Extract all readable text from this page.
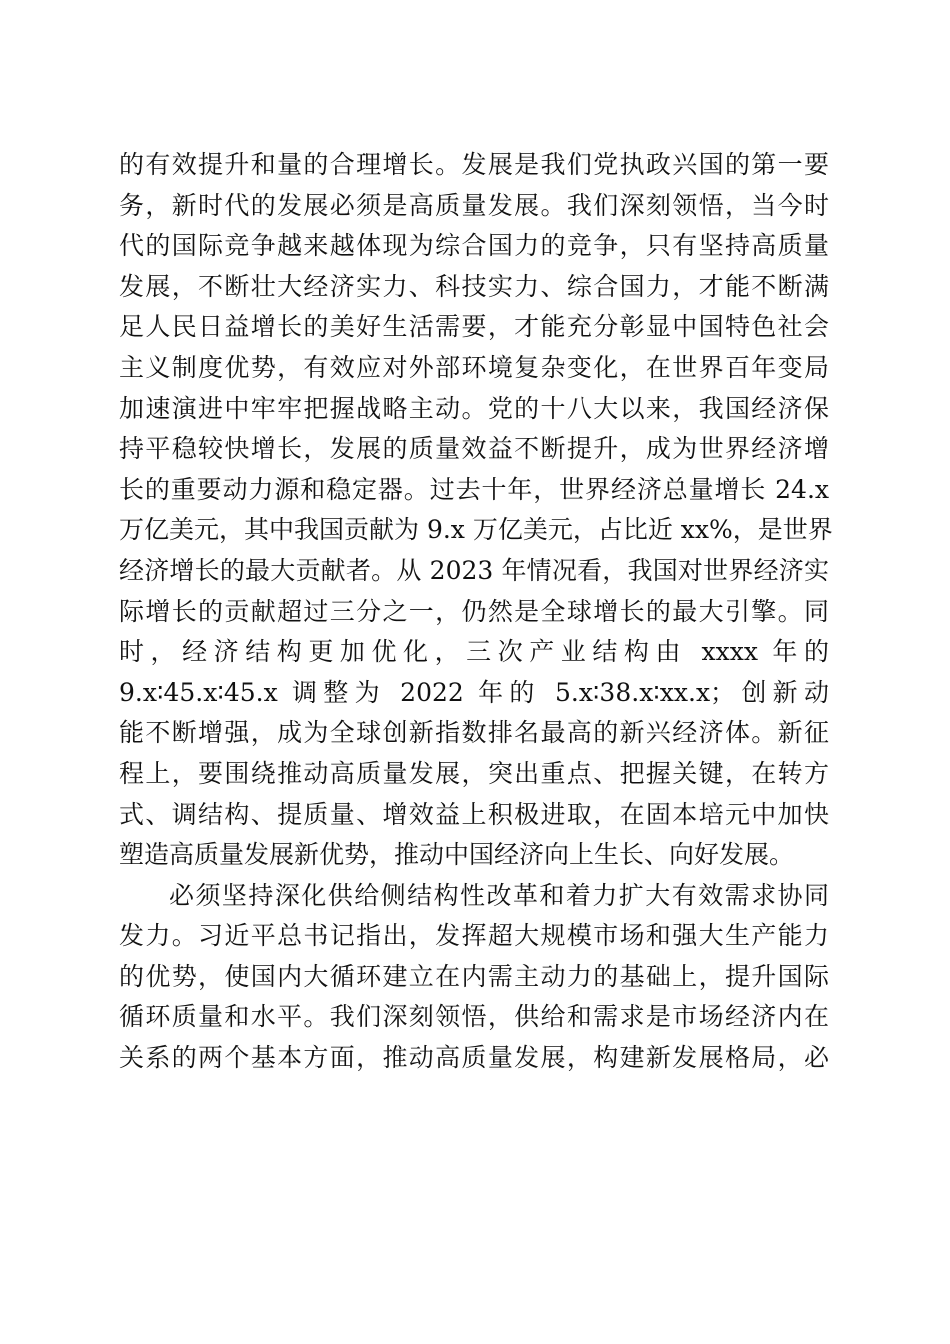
的有效提升和量的合理增长。发展是我们党执政兴国的第一要
务，新时代的发展必须是高质量发展。我们深刻领悟，当今时
代的国际竞争越来越体现为综合国力的竞争，只有坚持高质量
发展，不断壮大经济实力、科技实力、综合国力，才能不断满
足人民日益增长的美好生活需要，才能充分彰显中国特色社会
主义制度优势，有效应对外部环境复杂变化，在世界百年变局
加速演进中牢牢把握战略主动。党的十八大以来，我国经济保
持平稳较快增长，发展的质量效益不断提升，成为世界经济增
长的重要动力源和稳定器。过去十年，世界经济总量增长 24.x
万亿美元，其中我国贡献为 9.x 万亿美元，占比近 xx%，是世界
经济增长的最大贡献者。从 2023 年情况看，我国对世界经济实
际增长的贡献超过三分之一，仍然是全球增长的最大引擎。同
时，经济结构更加优化，三次产业结构由 xxxx 年的
9.x∶45.x∶45.x 调整为 2022 年的 5.x∶38.x∶xx.x；创新动
能不断增强，成为全球创新指数排名最高的新兴经济体。新征
程上，要围绕推动高质量发展，突出重点、把握关键，在转方
式、调结构、提质量、增效益上积极进取，在固本培元中加快
塑造高质量发展新优势，推动中国经济向上生长、向好发展。
必须坚持深化供给侧结构性改革和着力扩大有效需求协同
发力。习近平总书记指出，发挥超大规模市场和强大生产能力
的优势，使国内大循环建立在内需主动力的基础上，提升国际
循环质量和水平。我们深刻领悟，供给和需求是市场经济内在
关系的两个基本方面，推动高质量发展，构建新发展格局，必
